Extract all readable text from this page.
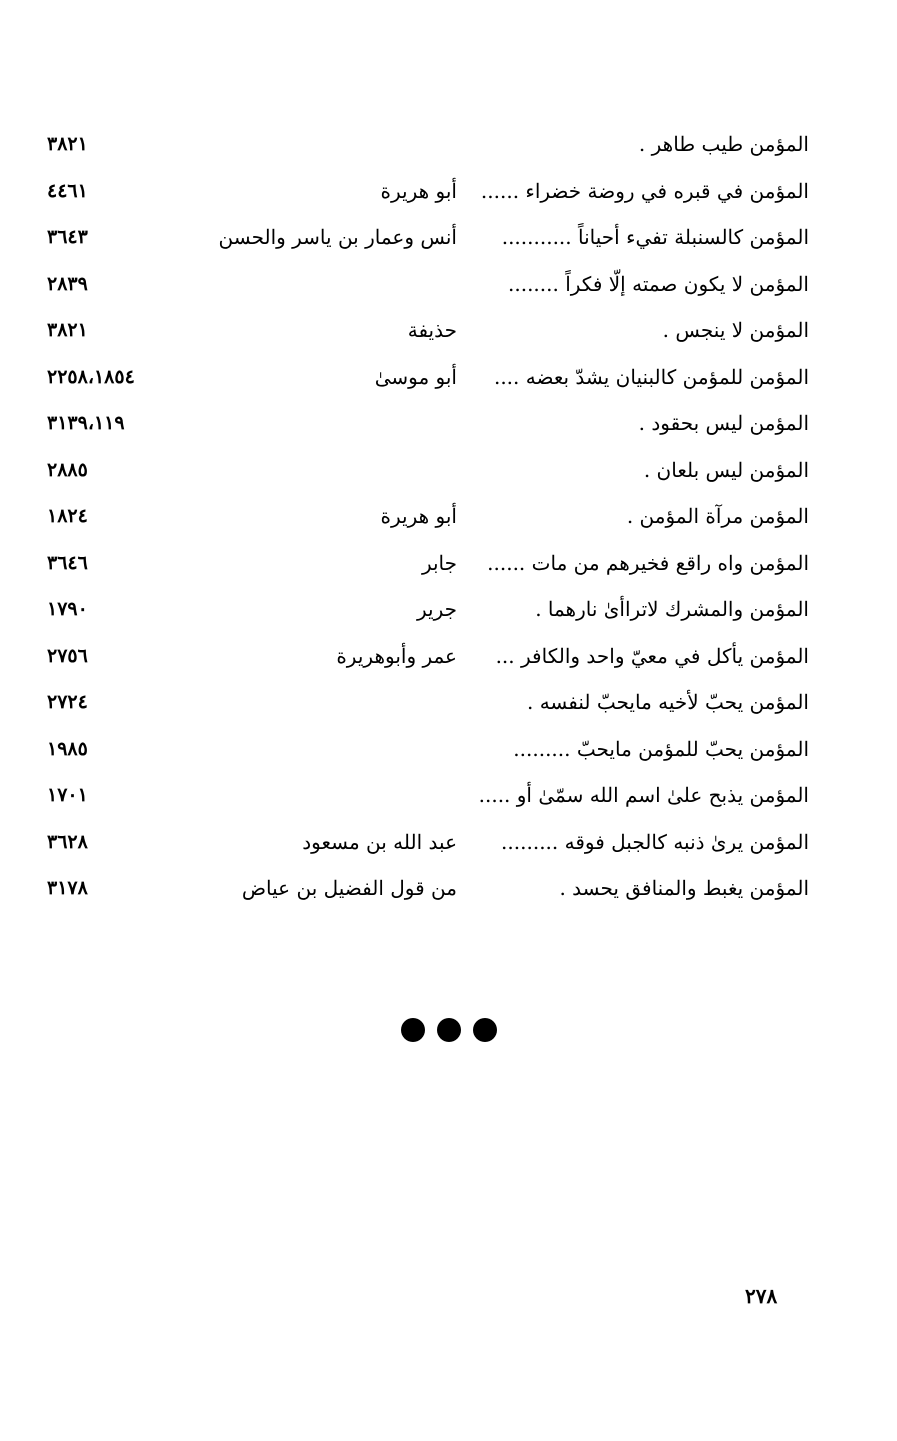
المؤمن طيب طاهر .
٣٨٢١
المؤمن في قبره في روضة خضراء ......
أبو هريرة
٤٤٦١
المؤمن كالسنبلة تفيء أحياناً ...........
أنس وعمار بن ياسر والحسن
٣٦٤٣
المؤمن لا يكون صمته إلّا فكراً ........
٢٨٣٩
المؤمن لا ينجس .
حذيفة
٣٨٢١
المؤمن للمؤمن كالبنيان يشدّ بعضه ....
أبو موسىٰ
٢٢٥٨،١٨٥٤
المؤمن ليس بحقود .
٣١٣٩،١١٩
المؤمن ليس بلعان .
٢٨٨٥
المؤمن مرآة المؤمن .
أبو هريرة
١٨٢٤
المؤمن واه راقع فخيرهم من مات ......
جابر
٣٦٤٦
المؤمن والمشرك لاتراأىٰ نارهما .
جرير
١٧٩٠
المؤمن يأكل في معيّ واحد والكافر ...
عمر وأبوهريرة
٢٧٥٦
المؤمن يحبّ لأخيه مايحبّ لنفسه .
٢٧٢٤
المؤمن يحبّ للمؤمن مايحبّ .........
١٩٨٥
المؤمن يذبح علىٰ اسم الله سمّىٰ أو .....
١٧٠١
المؤمن يرىٰ ذنبه كالجبل فوقه .........
عبد الله بن مسعود
٣٦٢٨
المؤمن يغبط والمنافق يحسد .
من قول الفضيل بن عياض
٣١٧٨
٢٧٨
